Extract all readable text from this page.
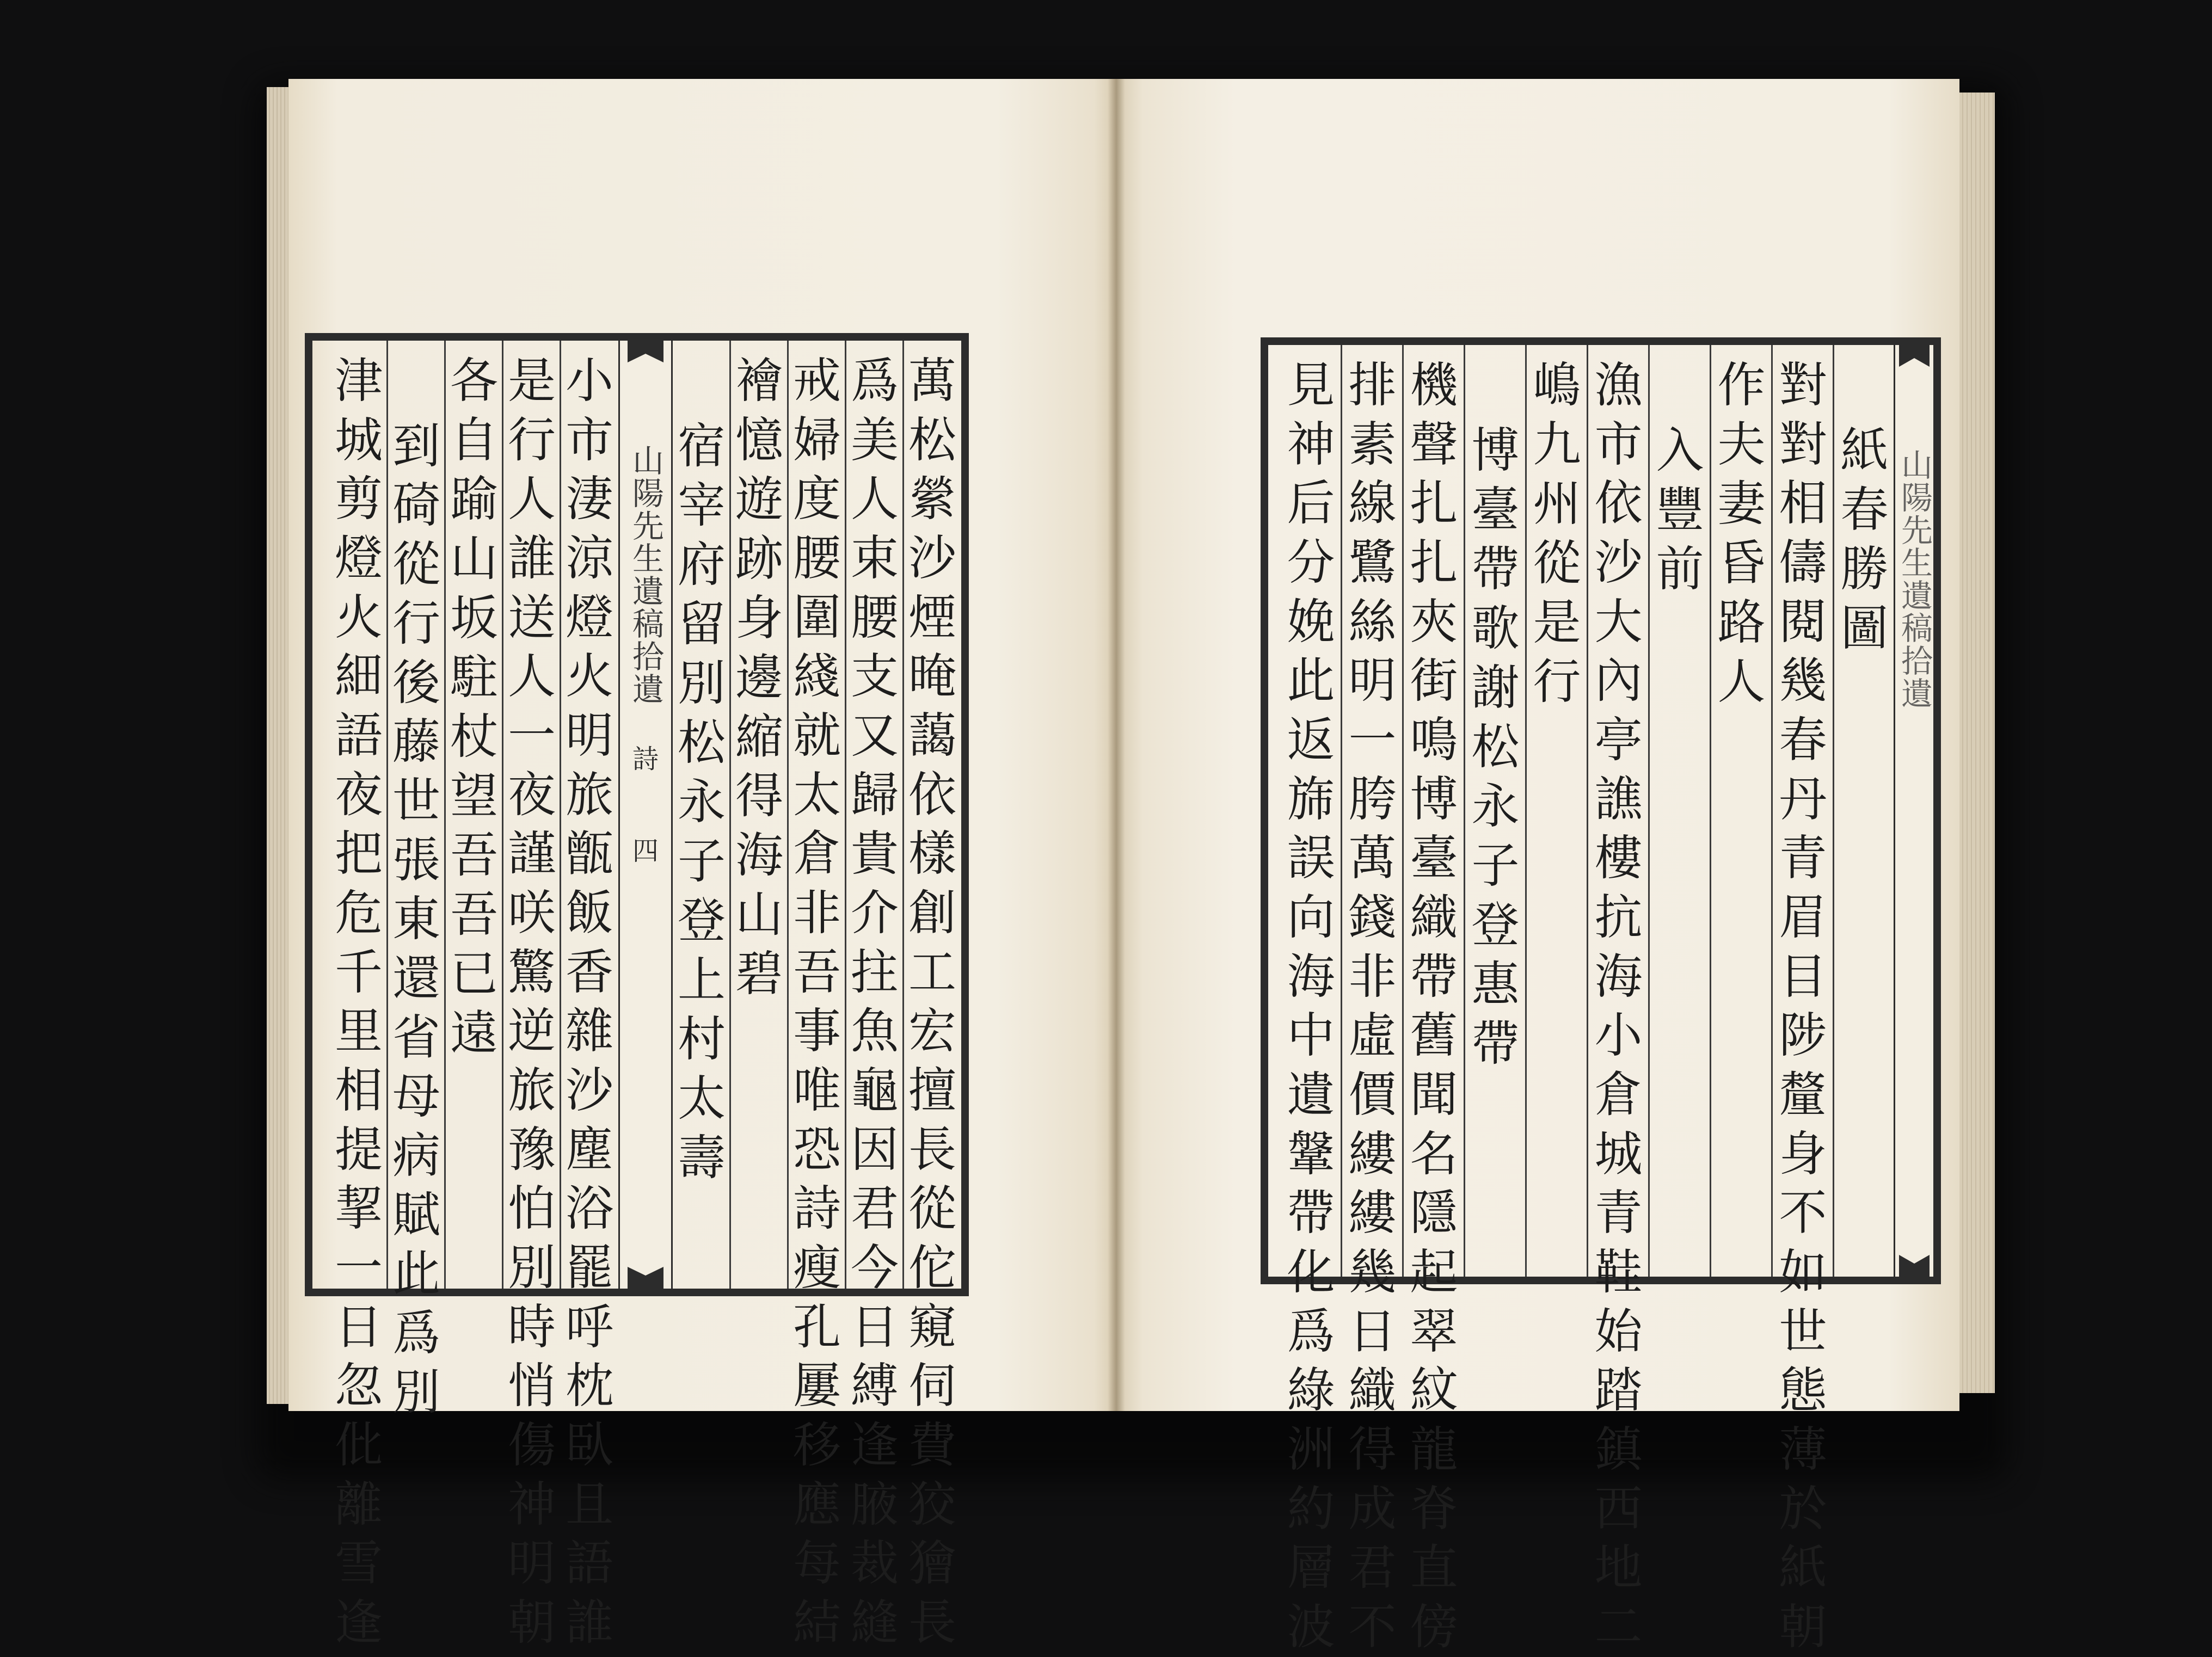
萬
松
縈
沙
煙
晻
藹
依
樣
創
工
宏
擅
長
從
佗
窺
伺
費
狡
獪
長
爲
美
人
束
腰
支
又
歸
貴
介
拄
魚
龜
因
君
今
日
縛
逢
腋
裁
縫
戒
婦
度
腰
圍
綫
就
太
倉
非
吾
事
唯
恐
詩
瘦
孔
屢
移
應
每
結
襘
憶
遊
跡
身
邊
縮
得
海
山
碧
宿
宰
府
留
別
松
永
子
登
上
村
太
壽
山陽先生遺稿拾遺
詩
四
小
市
淒
涼
燈
火
明
旅
甑
飯
香
雜
沙
塵
浴
罷
呼
枕
臥
且
語
誰
是
行
人
誰
送
人
一
夜
謹
咲
驚
逆
旅
豫
怕
別
時
悄
傷
神
明
朝
各
自
踰
山
坂
駐
杖
望
吾
吾
已
遠
到
碕
從
行
後
藤
世
張
東
還
省
母
病
賦
此
爲
別
津
城
剪
燈
火
細
語
夜
把
危
千
里
相
提
挈
一
日
忽
仳
離
雪
逢
山陽先生遺稿拾遺
紙
春
勝
圖
對
對
相
儔
閱
幾
春
丹
青
眉
目
陟
釐
身
不
如
世
態
薄
於
紙
朝
作
夫
妻
昏
路
人
入
豐
前
漁
市
依
沙
大
內
亭
譙
樓
抗
海
小
倉
城
青
鞋
始
踏
鎮
西
地
二
嶋
九
州
從
是
行
博
臺
帶
歌
謝
松
永
子
登
惠
帶
機
聲
扎
扎
夾
街
鳴
博
臺
織
帶
舊
聞
名
隱
起
翠
紋
龍
脊
直
傍
排
素
線
鷺
絲
明
一
胯
萬
錢
非
虛
價
縷
縷
幾
日
織
得
成
君
不
見
神
后
分
娩
此
返
旆
誤
向
海
中
遺
鞶
帶
化
爲
綠
洲
約
層
波
